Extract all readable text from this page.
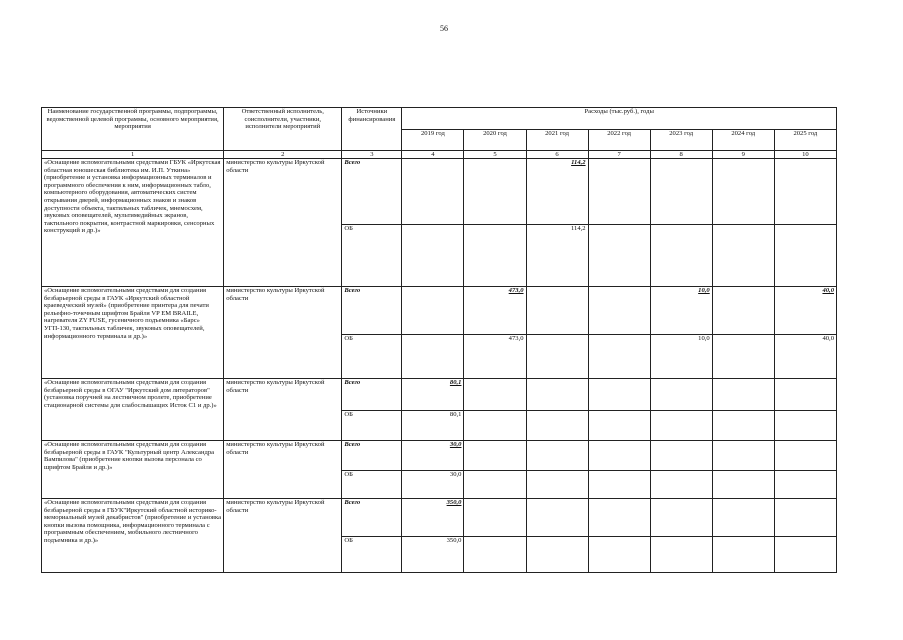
56
Наименование государственной программы, подпрограммы, ведомственной целевой программы, основного мероприятия, мероприятия	Ответственный исполнитель, соисполнители, участники, исполнители мероприятий	Источники финансирования	Расходы (тыс.руб.), годы						
			2019 год	2020 год	2021 год	2022 год	2023 год	2024 год	2025 год
1	2	3	4	5	6	7	8	9	10
«Оснащение вспомогательными средствами ГБУК «Иркутская областная юношеская библиотека им. И.П. Уткина» (приобретение и установка информационных терминалов и программного обеспечения к ним, информационных табло, компьютерного оборудования, автоматических систем открывания дверей, информационных знаков и знаков доступности объекта, тактильных табличек, мнемосхем, звуковых оповещателей, мультимедийных экранов, тактильного покрытия, контрастной маркировки, сенсорных конструкций и др.)»	министерство культуры Иркутской области	Всего			114,2				
		ОБ			114,2				
«Оснащение вспомогательными средствами для создания безбарьерной среды в ГАУК «Иркутский областной краеведческий музей» (приобретение принтера для печати рельефно-точечным шрифтом Брайля VP EM BRAILE, нагревателя ZY FUSE, гусеничного подъемника «Барс» УГП-130, тактильных табличек, звуковых оповещателей, информационного терминала и др.)»	министерство культуры Иркутской области	Всего		473,0			10,0		40,0
		ОБ		473,0			10,0		40,0
«Оснащение вспомогательными средствами для создания безбарьерной среды в ОГАУ "Иркутский дом литераторов" (установка поручней на лестничном пролете, приобретение стационарной системы для слабослышащих Исток С1 и др.)»	министерство культуры Иркутской области	Всего	80,1						
		ОБ	80,1						
«Оснащение вспомогательными средствами для создания безбарьерной среды в ГАУК "Культурный центр Александра Вампилова" (приобретение кнопки вызова персонала со шрифтом Брайля и др.)»	министерство культуры Иркутской области	Всего	30,0						
		ОБ	30,0						
«Оснащение вспомогательными средствами для создания безбарьерной среды в ГБУК"Иркутский областной историко-мемориальный музей декабристов" (приобретение и установка кнопки вызова помощника, информационного терминала с программным обеспечением, мобильного лестничного подъемника и др.)»	министерство культуры Иркутской области	Всего	350,0						
		ОБ	350,0						
